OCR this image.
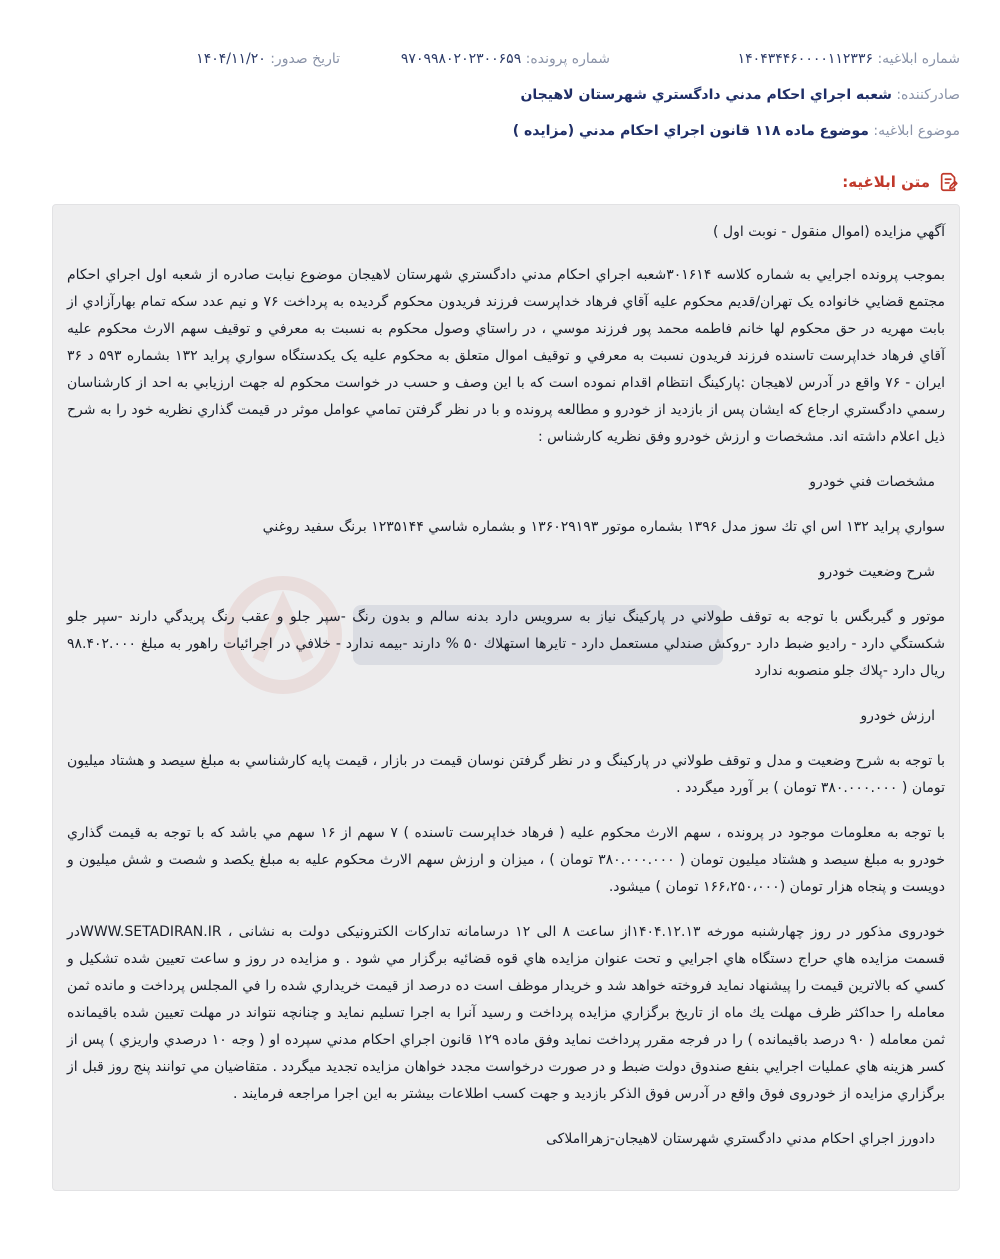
شماره ابلاغيه: ۱۴۰۴۳۴۴۶۰۰۰۰۱۱۲۳۳۶
شماره پرونده: ۹۷۰۹۹۸۰۲۰۲۳۰۰۶۵۹
تاريخ صدور: ۱۴۰۴/۱۱/۲۰
صادرکننده: شعبه اجراي احکام مدني دادگستري شهرستان لاهيجان
موضوع ابلاغيه: موضوع ماده ۱۱۸ قانون اجراي احکام مدني (مزايده )
متن ابلاغيه:

آگهي مزايده (اموال منقول - نوبت اول )

بموجب پرونده اجرايي به شماره کلاسه ۳۰۱۶۱۴شعبه اجراي احکام مدني دادگستري شهرستان لاهيجان موضوع نيابت صادره از شعبه اول اجراي احکام مجتمع قضايي خانواده يک تهران/قديم محکوم عليه آقاي فرهاد خداپرست فرزند فريدون محکوم گرديده به پرداخت ۷۶ و نيم عدد سکه تمام بهارآزادي از بابت مهريه در حق محکوم لها خانم فاطمه محمد پور فرزند موسي ، در راستاي وصول محکوم به نسبت به معرفي و توقيف سهم الارث محکوم عليه آقاي فرهاد خداپرست تاسنده فرزند فريدون نسبت به معرفي و توقيف اموال متعلق به محکوم عليه يک يکدستگاه سواري پرايد ۱۳۲ بشماره ۵۹۳ د ۳۶ ايران - ۷۶ واقع در آدرس لاهيجان :پارکينگ انتظام اقدام نموده است که با اين وصف و حسب در خواست محکوم له جهت ارزيابي به احد از کارشناسان رسمي دادگستري ارجاع که ايشان پس از بازديد از خودرو و مطالعه پرونده و با در نظر گرفتن تمامي عوامل موثر در قيمت گذاري نظريه خود را به شرح ذيل اعلام داشته اند. مشخصات و ارزش خودرو وفق نظريه کارشناس :

مشخصات فني خودرو

سواري پرايد ۱۳۲ اس اي تك سوز مدل ۱۳۹۶ بشماره موتور ۱۳۶۰۲۹۱۹۳ و بشماره شاسي ۱۲۳۵۱۴۴ برنگ سفيد روغني

شرح وضعيت خودرو

موتور و گيربگس با توجه به توقف طولاني در پاركينگ نياز به سرويس دارد بدنه سالم و بدون رنگ -سپر جلو و عقب رنگ پريدگي دارند -سپر جلو شکستگي دارد - راديو ضبط دارد -روکش صندلي مستعمل دارد - تايرها استهلاك ۵۰ % دارند -بيمه ندارد - خلافي در اجرائيات راهور به مبلغ ۹۸.۴۰۲.۰۰۰ ريال دارد -پلاك جلو منصوبه ندارد

ارزش خودرو

با توجه به شرح وضعيت و مدل و توقف طولاني در پاركينگ و در نظر گرفتن نوسان قيمت در بازار ، قيمت پايه كارشناسي به مبلغ سيصد و هشتاد ميليون تومان ( ۳۸۰.۰۰۰.۰۰۰ تومان ) بر آورد ميگردد .

با توجه به معلومات موجود در پرونده ، سهم الارث محکوم عليه ( فرهاد خداپرست تاسنده ) ۷ سهم از ۱۶ سهم مي باشد که با توجه به قيمت گذاري خودرو به مبلغ سيصد و هشتاد ميليون تومان ( ۳۸۰.۰۰۰.۰۰۰ تومان ) ، ميزان و ارزش سهم الارث محکوم عليه به مبلغ يکصد و شصت و شش ميليون و دويست و پنجاه هزار تومان (۱۶۶،۲۵۰،۰۰۰ تومان ) ميشود.

خودروی مذکور در روز چهارشنبه مورخه ۱۴۰۴.۱۲.۱۳از ساعت ۸ الی ۱۲ درسامانه تدارکات الکترونیکی دولت به نشانی ، WWW.SETADIRAN.IRدر قسمت مزايده هاي حراج دستگاه هاي اجرايي و تحت عنوان مزايده هاي قوه قضائيه برگزار مي شود . و مزايده در روز و ساعت تعيين شده تشكيل و كسي كه بالاترين قيمت را پيشنهاد نمايد فروخته خواهد شد و خريدار موظف است ده درصد از قيمت خريداري شده را في المجلس پرداخت و مانده ثمن معامله را حداكثر ظرف مهلت يك ماه از تاريخ برگزاري مزايده پرداخت و رسيد آنرا به اجرا تسليم نمايد و چنانچه نتواند در مهلت تعيين شده باقيمانده ثمن معامله ( ۹۰ درصد باقيمانده ) را در فرجه مقرر پرداخت نمايد وفق ماده ۱۲۹ قانون اجراي احكام مدني سپرده او ( وجه ۱۰ درصدي واريزي ) پس از كسر هزينه هاي عمليات اجرايي بنفع صندوق دولت ضبط و در صورت درخواست مجدد خواهان مزايده تجديد ميگردد . متقاضيان مي توانند پنج روز قبل از برگزاري مزايده از خودروی فوق واقع در آدرس فوق الذکر بازديد و جهت كسب اطلاعات بيشتر به اين اجرا مراجعه فرمايند .

دادورز اجراي احکام مدني دادگستري شهرستان لاهيجان-زهرااملاکی
